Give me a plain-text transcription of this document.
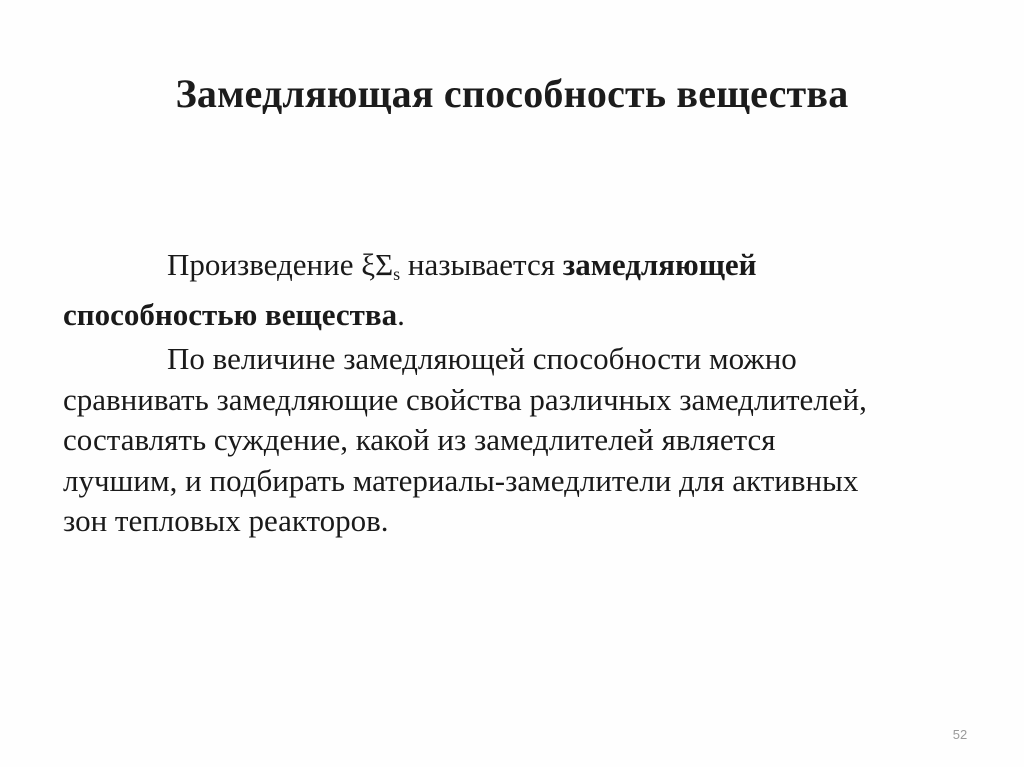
Замедляющая способность вещества
Произведение $\xi\Sigma_s$ называется замедляющей
способностью вещества.
По величине замедляющей способности можно
сравнивать замедляющие свойства различных замедлителей,
составлять суждение, какой из замедлителей является
лучшим, и подбирать материалы-замедлители для активных
зон тепловых реакторов.
52
